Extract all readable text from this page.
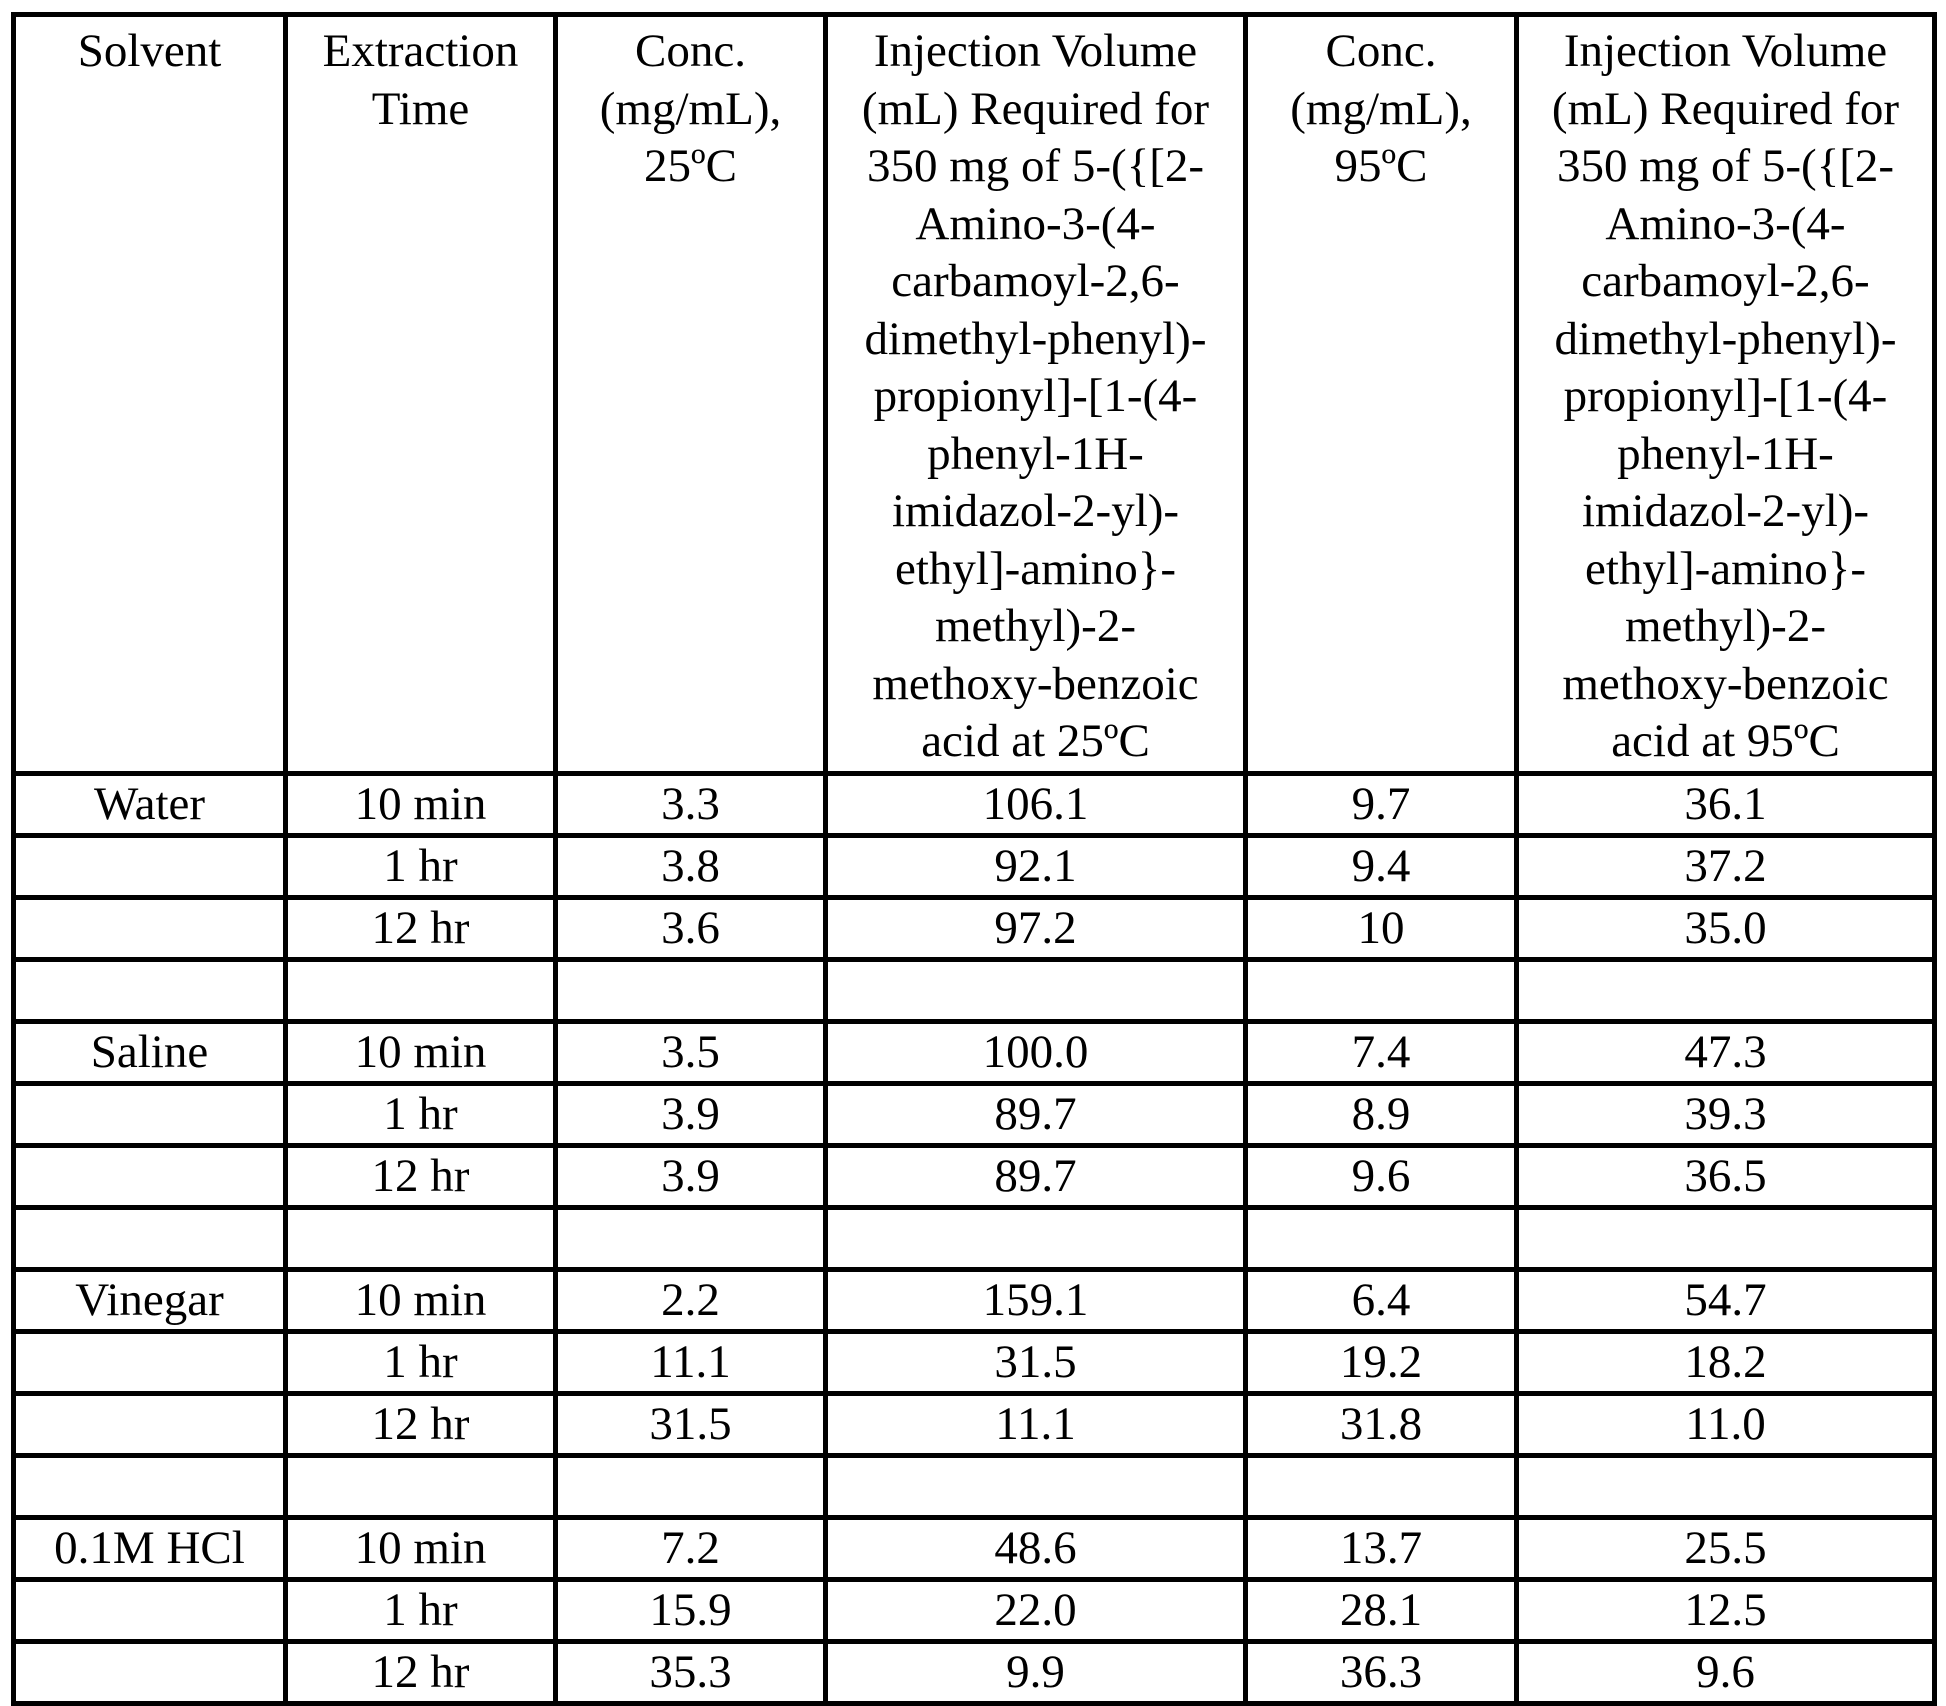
Solvent	Extraction Time	Conc. (mg/mL), 25ºC	Injection Volume (mL) Required for 350 mg of 5-({[2-Amino-3-(4-carbamoyl-2,6-dimethyl-phenyl)-propionyl]-[1-(4-phenyl-1H-imidazol-2-yl)-ethyl]-amino}-methyl)-2-methoxy-benzoic acid at 25ºC	Conc. (mg/mL), 95ºC	Injection Volume (mL) Required for 350 mg of 5-({[2-Amino-3-(4-carbamoyl-2,6-dimethyl-phenyl)-propionyl]-[1-(4-phenyl-1H-imidazol-2-yl)-ethyl]-amino}-methyl)-2-methoxy-benzoic acid at 95ºC
Water	10 min	3.3	106.1	9.7	36.1
	1 hr	3.8	92.1	9.4	37.2
	12 hr	3.6	97.2	10	35.0

Saline	10 min	3.5	100.0	7.4	47.3
	1 hr	3.9	89.7	8.9	39.3
	12 hr	3.9	89.7	9.6	36.5

Vinegar	10 min	2.2	159.1	6.4	54.7
	1 hr	11.1	31.5	19.2	18.2
	12 hr	31.5	11.1	31.8	11.0

0.1M HCl	10 min	7.2	48.6	13.7	25.5
	1 hr	15.9	22.0	28.1	12.5
	12 hr	35.3	9.9	36.3	9.6
